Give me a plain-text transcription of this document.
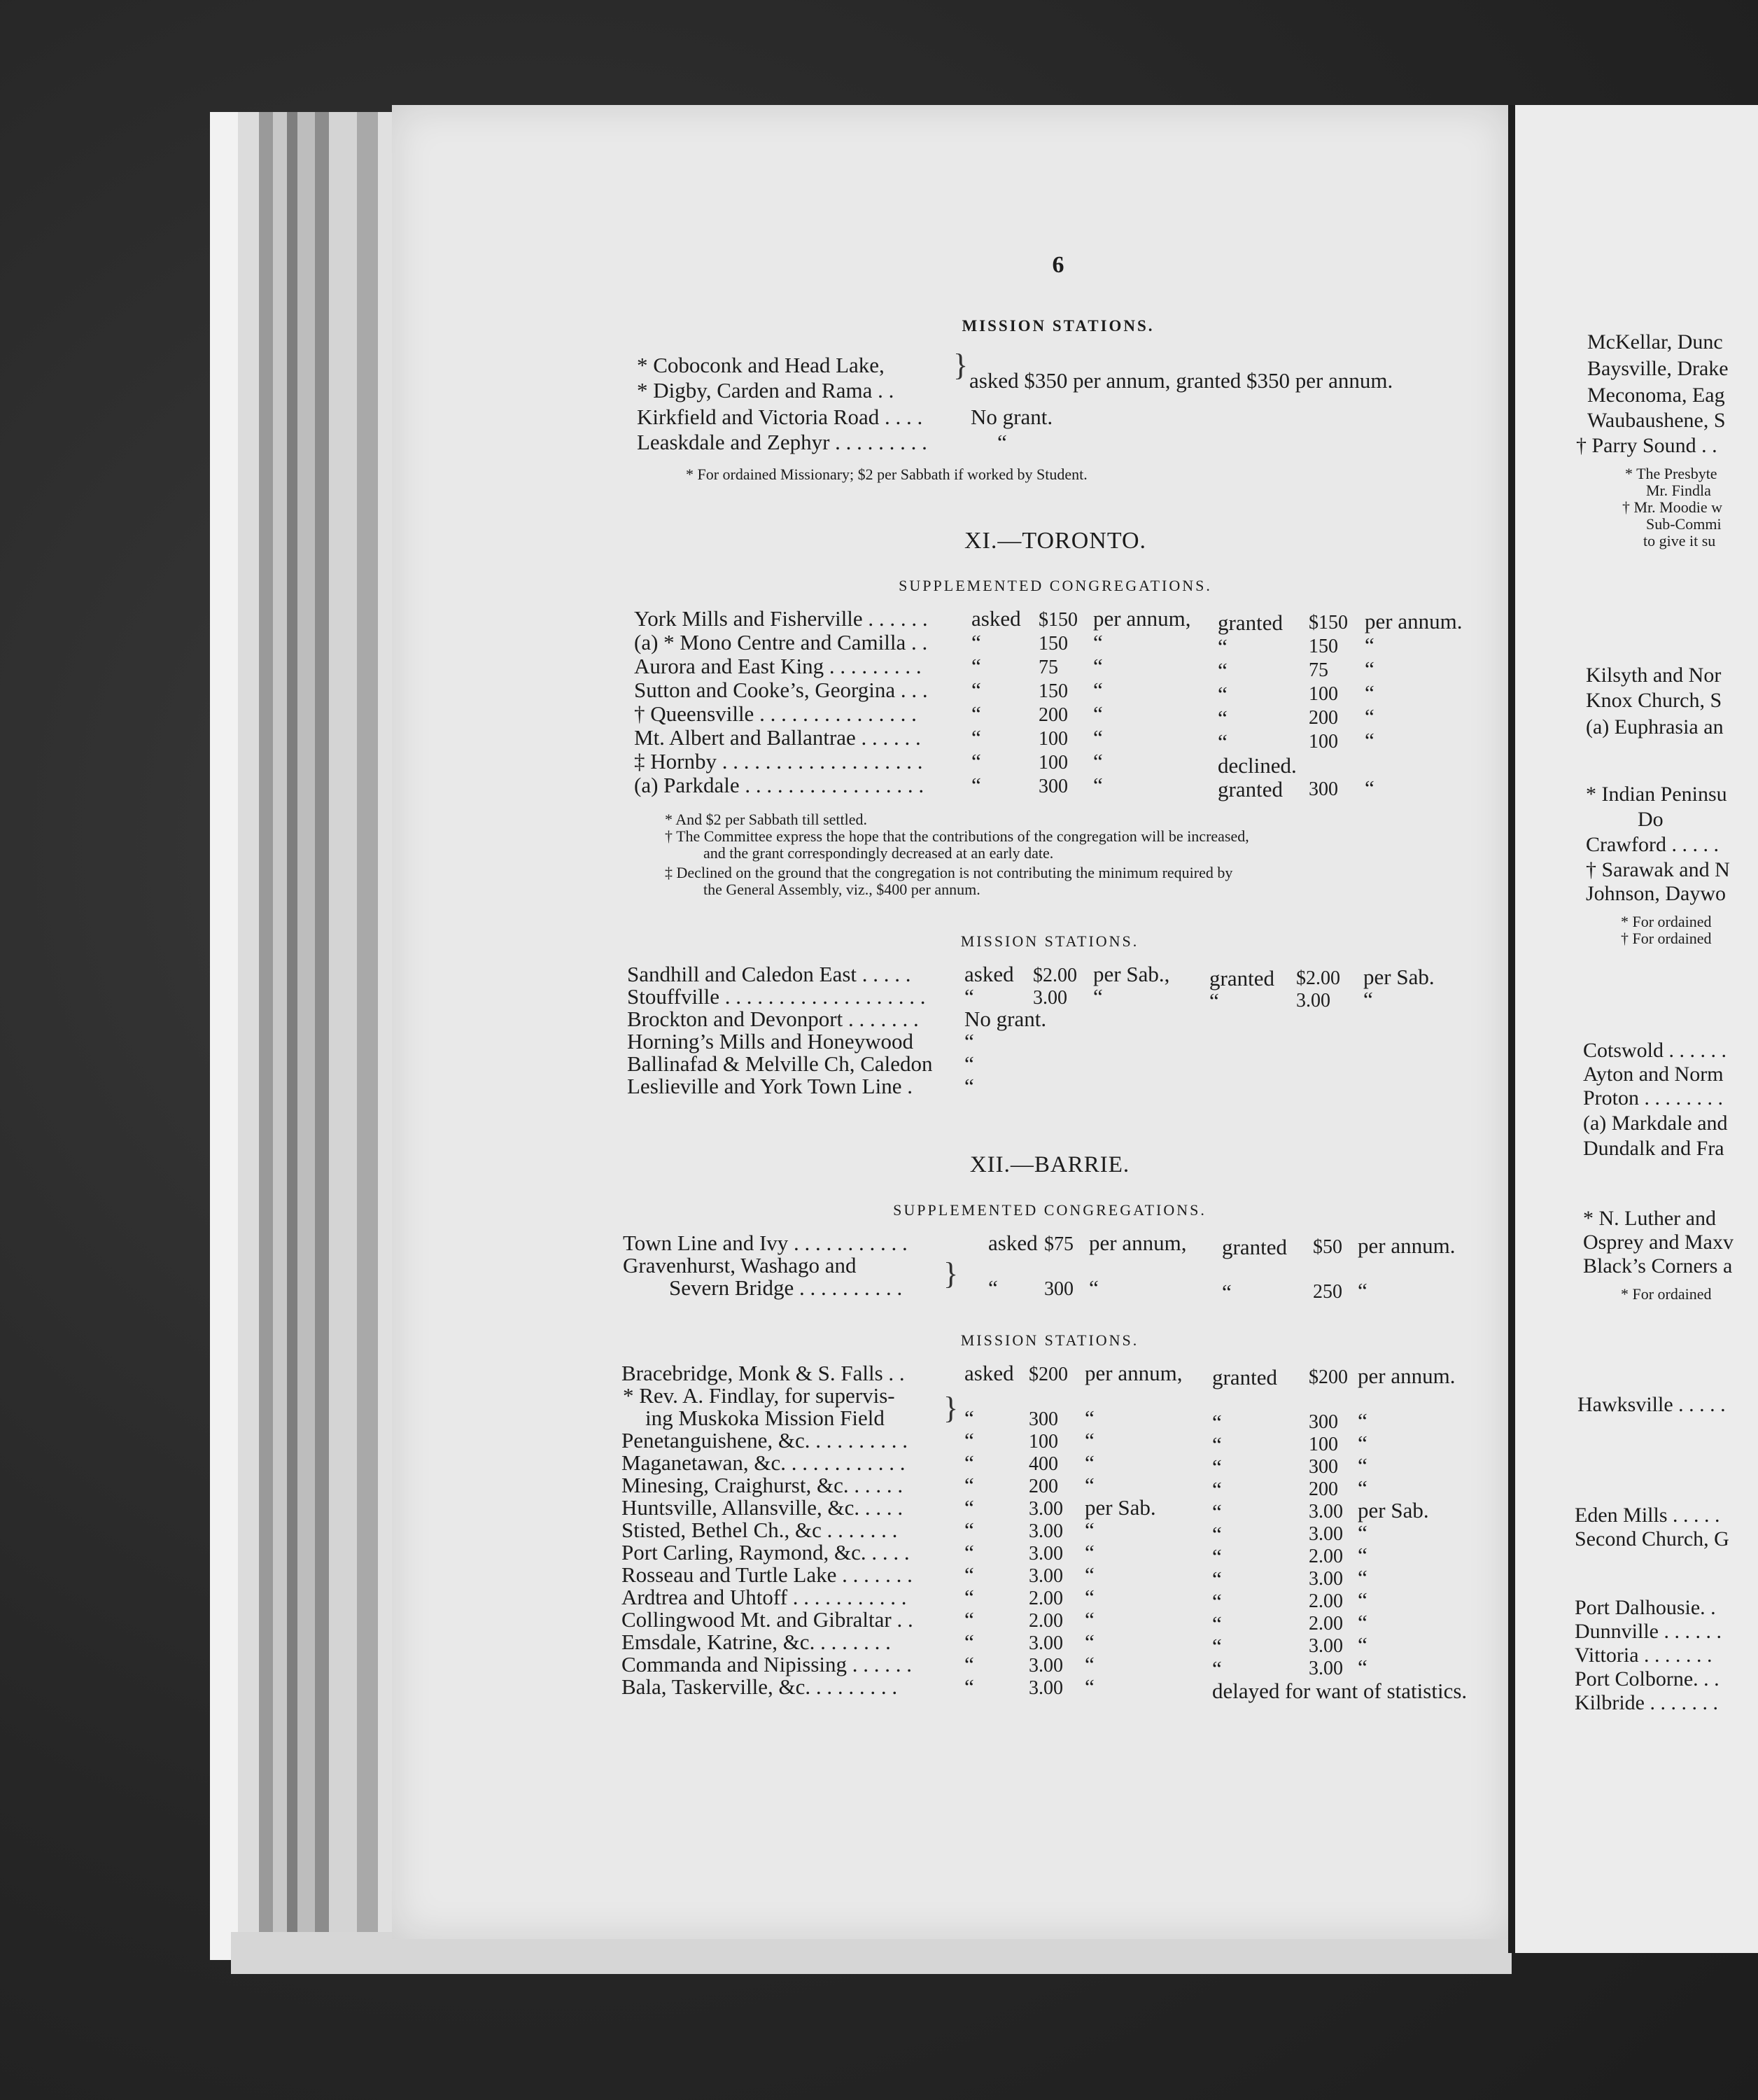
6
MISSION STATIONS.
* Coboconk and Head Lake,
* Digby, Carden and Rama . .
} asked $350 per annum, granted $350 per annum.
Kirkfield and Victoria Road . . . . No grant.
Leaskdale and Zephyr . . . . . . . . .	“
* For ordained Missionary; $2 per Sabbath if worked by Student.
XI.—TORONTO.
SUPPLEMENTED CONGREGATIONS.
York Mills and Fisherville . . . . . . asked $150 per annum, granted $150 per annum.
(a) * Mono Centre and Camilla . . “	150 “	“	150 “
Aurora and East King . . . . . . . . . “	75 “	“	75 “
Sutton and Cooke’s, Georgina . . . “	150 “	“	100 “
† Queensville . . . . . . . . . . . . . . .	“	200 “	“	200 “
Mt. Albert and Ballantrae . . . . . . “	100 “	“	100 “
‡ Hornby . . . . . . . . . . . . . . . . . . . “	100 “	declined.
(a) Parkdale . . . . . . . . . . . . . . . . . “	300 “	granted 300 “
* And $2 per Sabbath till settled.
† The Committee express the hope that the contributions of the congregation will be increased,
and the grant correspondingly decreased at an early date.
‡ Declined on the ground that the congregation is not contributing the minimum required by
the General Assembly, viz., $400 per annum.
MISSION STATIONS.
Sandhill and Caledon East . . . . . asked $2.00 per Sab., granted $2.00 per Sab.
Stouffville . . . . . . . . . . . . . . . . . . . “	3.00 “	“	3.00 “
Brockton and Devonport . . . . . . . No grant.
Horning’s Mills and Honeywood “
Ballinafad & Melville Ch, Caledon “
Leslieville and York Town Line . “
XII.—BARRIE.
SUPPLEMENTED CONGREGATIONS.
Town Line and Ivy . . . . . . . . . . .	asked $75 per annum, granted $50 per annum.
Gravenhurst, Washago and
Severn Bridge . . . . . . . . . .	“ 300 “	“	250 “
}
MISSION STATIONS.
Bracebridge, Monk & S. Falls . .	asked $200 per annum, granted $200 per annum.
* Rev. A. Findlay, for supervis-
ing Muskoka Mission Field	“	300 “	“	300 “
Penetanguishene, &c. . . . . . . . . .	“	100 “	“	100 “
Maganetawan, &c. . . . . . . . . . . .	“	400 “	“	300 “
Minesing, Craighurst, &c. . . . . .	“	200 “	“	200 “
Huntsville, Allansville, &c. . . . .	“	3.00 per Sab.	“	3.00 per Sab.
Stisted, Bethel Ch., &c . . . . . . .	“	3.00 “	“	3.00 “
Port Carling, Raymond, &c. . . . .	“	3.00 “	“	2.00 “
Rosseau and Turtle Lake . . . . . . . “	3.00 “	“	3.00 “
Ardtrea and Uhtoff . . . . . . . . . . .	“	2.00 “	“	2.00 “
Collingwood Mt. and Gibraltar . . “	2.00 “	“	2.00 “
Emsdale, Katrine, &c. . . . . . . .	“	3.00 “	“	3.00 “
Commanda and Nipissing . . . . . . “	3.00 “	“	3.00 “
Bala, Taskerville, &c. . . . . . . . .	“	3.00 “	delayed for want of statistics.
}
McKellar, Dunc
Baysville, Drake
Meconoma, Eag
Waubaushene, S
† Parry Sound . .
* The Presbyte
Mr. Findla
† Mr. Moodie w
Sub-Commi
to give it su
Kilsyth and Nor
Knox Church, S
(a) Euphrasia an
* Indian Peninsu
Do
Crawford . . . . .
† Sarawak and N
Johnson, Daywo
* For ordained
† For ordained
Cotswold . . . . . .
Ayton and Norm
Proton . . . . . . . .
(a) Markdale and
Dundalk and Fra
* N. Luther and
Osprey and Maxv
Black’s Corners a
* For ordained
Hawksville . . . . .
Eden Mills . . . . .
Second Church, G
Port Dalhousie. .
Dunnville . . . . . .
Vittoria . . . . . . .
Port Colborne. . .
Kilbride . . . . . . .
